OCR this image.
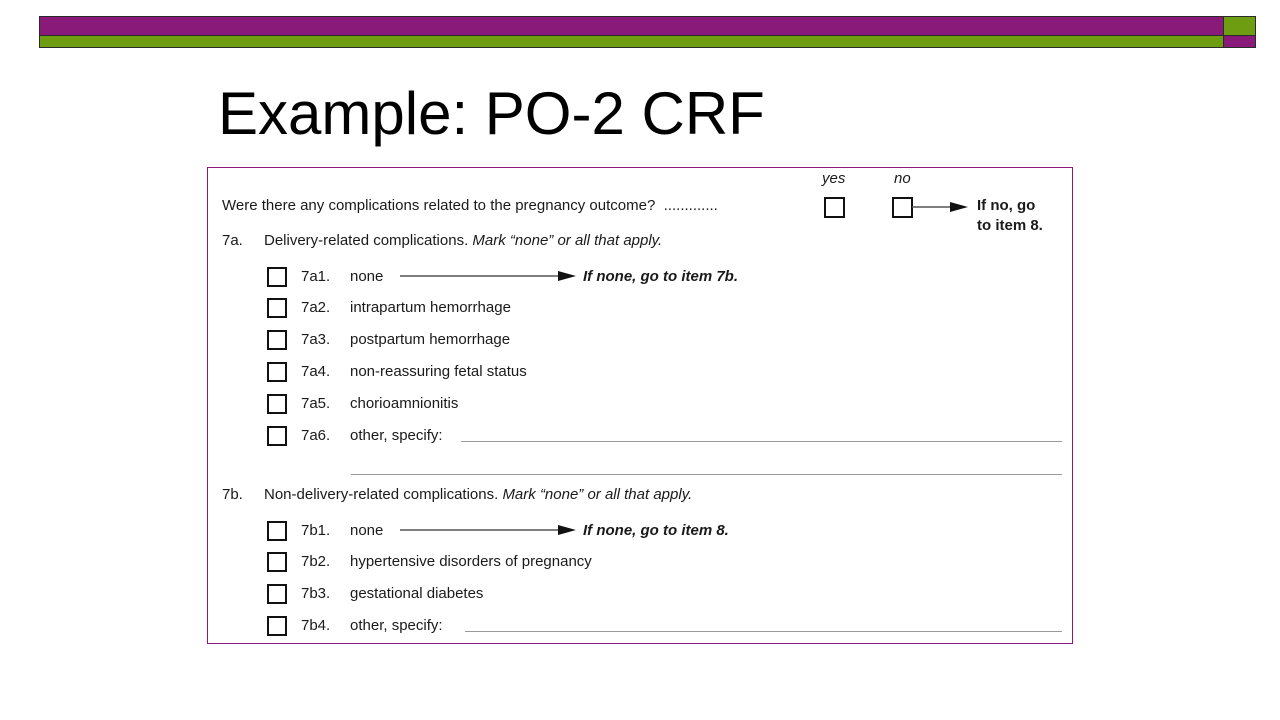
Example: PO-2 CRF
yes	no
Were there any complications related to the pregnancy outcome? .............	If no, go
to item 8.
7a. Delivery-related complications. Mark “none” or all that apply.
7a1. none	If none, go to item 7b.
7a2. intrapartum hemorrhage
7a3. postpartum hemorrhage
7a4. non-reassuring fetal status
7a5. chorioamnionitis
7a6. other, specify:
7b. Non-delivery-related complications. Mark “none” or all that apply.
7b1. none	If none, go to item 8.
7b2. hypertensive disorders of pregnancy
7b3. gestational diabetes
7b4. other, specify:
